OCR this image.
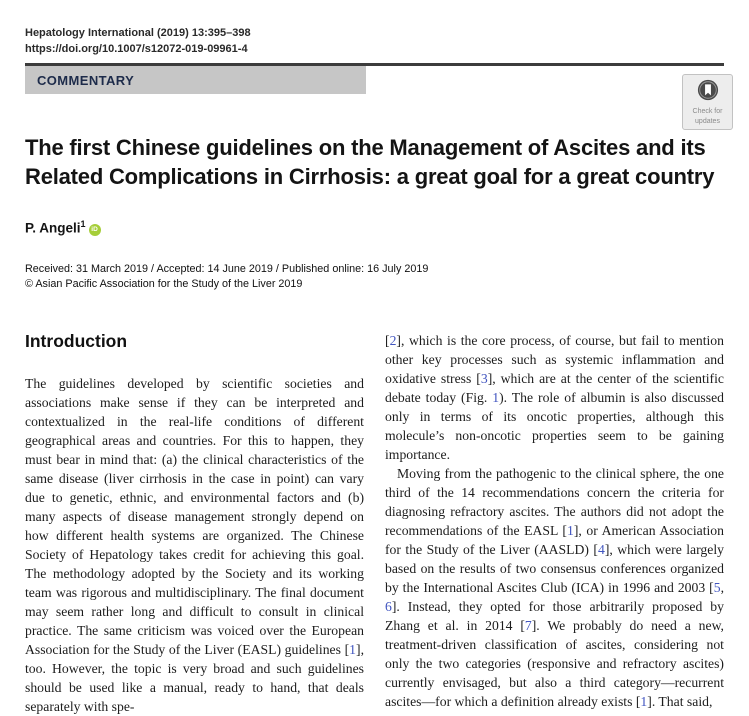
Hepatology International (2019) 13:395–398
https://doi.org/10.1007/s12072-019-09961-4
COMMENTARY
Check for
updates
The first Chinese guidelines on the Management of Ascites and its
Related Complications in Cirrhosis: a great goal for a great country
P. Angeli$^1$ iD
Received: 31 March 2019 / Accepted: 14 June 2019 / Published online: 16 July 2019
© Asian Pacific Association for the Study of the Liver 2019
Introduction

The guidelines developed by scientific societies and associations make sense if they can be interpreted and contextualized in the real-life conditions of different geographical areas and countries. For this to happen, they must bear in mind that: (a) the clinical characteristics of the same disease (liver cirrhosis in the case in point) can vary due to genetic, ethnic, and environmental factors and (b) many aspects of disease management strongly depend on how different health systems are organized. The Chinese Society of Hepatology takes credit for achieving this goal. The methodology adopted by the Society and its working team was rigorous and multidisciplinary. The final document may seem rather long and difficult to consult in clinical practice. The same criticism was voiced over the European Association for the Study of the Liver (EASL) guidelines [1], too. However, the topic is very broad and such guidelines should be used like a manual, ready to hand, that deals separately with spe-

[2], which is the core process, of course, but fail to mention other key processes such as systemic inflammation and oxidative stress [3], which are at the center of the scientific debate today (Fig. 1). The role of albumin is also discussed only in terms of its oncotic properties, although this molecule’s non-oncotic properties seem to be gaining importance.

Moving from the pathogenic to the clinical sphere, the one third of the 14 recommendations concern the criteria for diagnosing refractory ascites. The authors did not adopt the recommendations of the EASL [1], or American Association for the Study of the Liver (AASLD) [4], which were largely based on the results of two consensus conferences organized by the International Ascites Club (ICA) in 1996 and 2003 [5, 6]. Instead, they opted for those arbitrarily proposed by Zhang et al. in 2014 [7]. We probably do need a new, treatment-driven classification of ascites, considering not only the two categories (responsive and refractory ascites) currently envisaged, but also a third category—recurrent ascites—for which a definition already exists [1]. That said,
